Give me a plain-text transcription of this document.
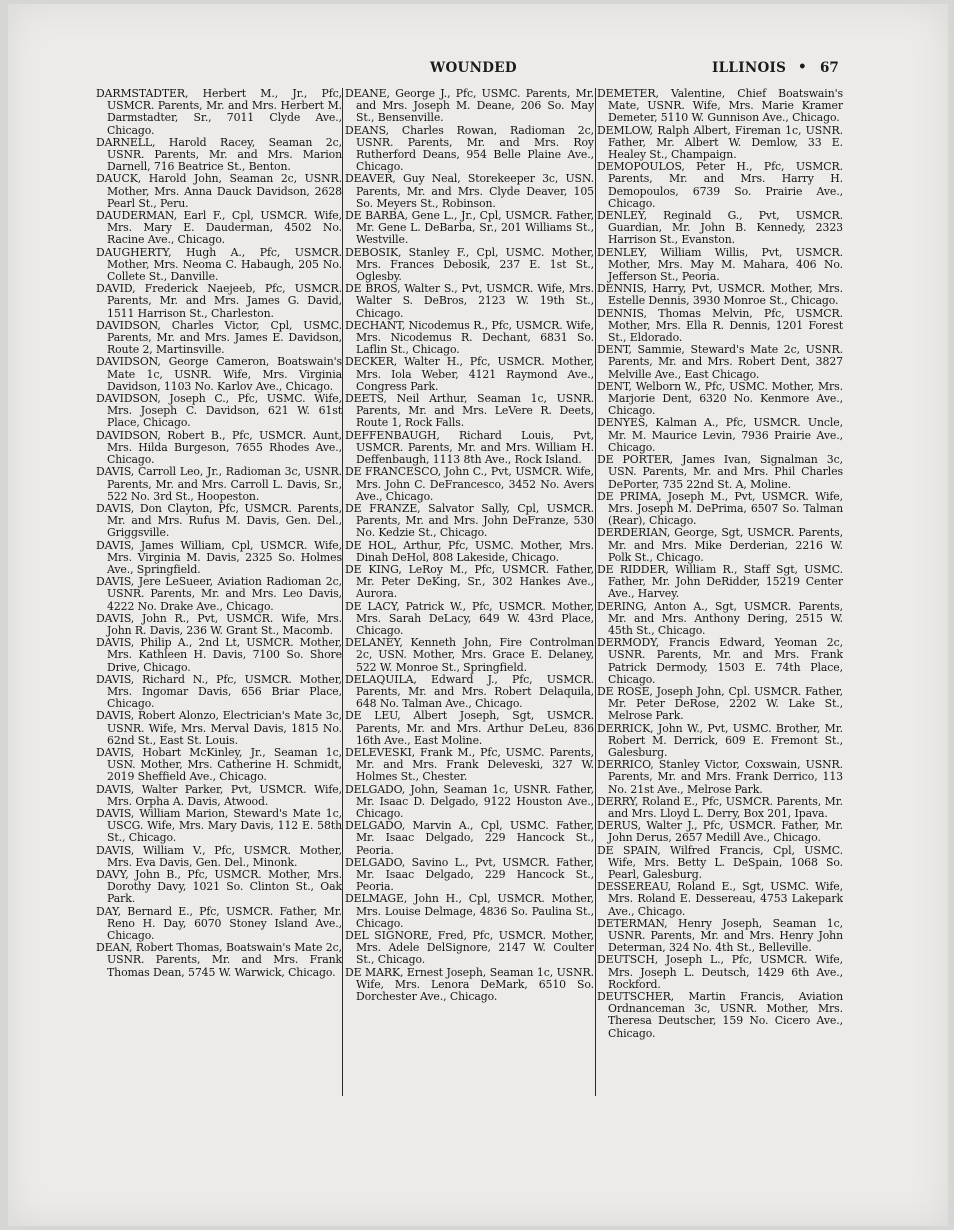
WOUNDED	ILLINOIS • 67

DARMSTADTER, Herbert M., Jr., Pfc, USMCR. Parents, Mr. and Mrs. Herbert M. Darmstadter, Sr., 7011 Clyde Ave., Chicago.

DARNELL, Harold Racey, Seaman 2c, USNR. Parents, Mr. and Mrs. Marion Darnell, 716 Beatrice St., Benton.

DAUCK, Harold John, Seaman 2c, USNR. Mother, Mrs. Anna Dauck Davidson, 2628 Pearl St., Peru.

DAUDERMAN, Earl F., Cpl, USMCR. Wife, Mrs. Mary E. Dauderman, 4502 No. Racine Ave., Chicago.

DAUGHERTY, Hugh A., Pfc, USMCR. Mother, Mrs. Neoma C. Habaugh, 205 No. Collete St., Danville.

DAVID, Frederick Naejeeb, Pfc, USMCR. Parents, Mr. and Mrs. James G. David, 1511 Harrison St., Charleston.

DAVIDSON, Charles Victor, Cpl, USMC. Parents, Mr. and Mrs. James E. Davidson, Route 2, Martinsville.

DAVIDSON, George Cameron, Boatswain's Mate 1c, USNR. Wife, Mrs. Virginia Davidson, 1103 No. Karlov Ave., Chicago.

DAVIDSON, Joseph C., Pfc, USMC. Wife, Mrs. Joseph C. Davidson, 621 W. 61st Place, Chicago.

DAVIDSON, Robert B., Pfc, USMCR. Aunt, Mrs. Hilda Burgeson, 7655 Rhodes Ave., Chicago.

DAVIS, Carroll Leo, Jr., Radioman 3c, USNR. Parents, Mr. and Mrs. Carroll L. Davis, Sr., 522 No. 3rd St., Hoopeston.

DAVIS, Don Clayton, Pfc, USMCR. Parents, Mr. and Mrs. Rufus M. Davis, Gen. Del., Griggsville.

DAVIS, James William, Cpl, USMCR. Wife, Mrs. Virginia M. Davis, 2325 So. Holmes Ave., Springfield.

DAVIS, Jere LeSueer, Aviation Radioman 2c, USNR. Parents, Mr. and Mrs. Leo Davis, 4222 No. Drake Ave., Chicago.

DAVIS, John R., Pvt, USMCR. Wife, Mrs. John R. Davis, 236 W. Grant St., Macomb.

DAVIS, Philip A., 2nd Lt, USMCR. Mother, Mrs. Kathleen H. Davis, 7100 So. Shore Drive, Chicago.

DAVIS, Richard N., Pfc, USMCR. Mother, Mrs. Ingomar Davis, 656 Briar Place, Chicago.

DAVIS, Robert Alonzo, Electrician's Mate 3c, USNR. Wife, Mrs. Merval Davis, 1815 No. 62nd St., East St. Louis.

DAVIS, Hobart McKinley, Jr., Seaman 1c, USN. Mother, Mrs. Catherine H. Schmidt, 2019 Sheffield Ave., Chicago.

DAVIS, Walter Parker, Pvt, USMCR. Wife, Mrs. Orpha A. Davis, Atwood.

DAVIS, William Marion, Steward's Mate 1c, USCG. Wife, Mrs. Mary Davis, 112 E. 58th St., Chicago.

DAVIS, William V., Pfc, USMCR. Mother, Mrs. Eva Davis, Gen. Del., Minonk.

DAVY, John B., Pfc, USMCR. Mother, Mrs. Dorothy Davy, 1021 So. Clinton St., Oak Park.

DAY, Bernard E., Pfc, USMCR. Father, Mr. Reno H. Day, 6070 Stoney Island Ave., Chicago.

DEAN, Robert Thomas, Boatswain's Mate 2c, USNR. Parents, Mr. and Mrs. Frank Thomas Dean, 5745 W. Warwick, Chicago.

DEANE, George J., Pfc, USMC. Parents, Mr. and Mrs. Joseph M. Deane, 206 So. May St., Bensenville.

DEANS, Charles Rowan, Radioman 2c, USNR. Parents, Mr. and Mrs. Roy Rutherford Deans, 954 Belle Plaine Ave., Chicago.

DEAVER, Guy Neal, Storekeeper 3c, USN. Parents, Mr. and Mrs. Clyde Deaver, 105 So. Meyers St., Robinson.

DE BARBA, Gene L., Jr., Cpl, USMCR. Father, Mr. Gene L. DeBarba, Sr., 201 Williams St., Westville.

DEBOSIK, Stanley F., Cpl, USMC. Mother, Mrs. Frances Debosik, 237 E. 1st St., Oglesby.

DE BROS, Walter S., Pvt, USMCR. Wife, Mrs. Walter S. DeBros, 2123 W. 19th St., Chicago.

DECHANT, Nicodemus R., Pfc, USMCR. Wife, Mrs. Nicodemus R. Dechant, 6831 So. Laflin St., Chicago.

DECKER, Walter H., Pfc, USMCR. Mother, Mrs. Iola Weber, 4121 Raymond Ave., Congress Park.

DEETS, Neil Arthur, Seaman 1c, USNR. Parents, Mr. and Mrs. LeVere R. Deets, Route 1, Rock Falls.

DEFFENBAUGH, Richard Louis, Pvt, USMCR. Parents, Mr. and Mrs. William H. Deffenbaugh, 1113 8th Ave., Rock Island.

DE FRANCESCO, John C., Pvt, USMCR. Wife, Mrs. John C. DeFrancesco, 3452 No. Avers Ave., Chicago.

DE FRANZE, Salvator Sally, Cpl, USMCR. Parents, Mr. and Mrs. John DeFranze, 530 No. Kedzie St., Chicago.

DE HOL, Arthur, Pfc, USMC. Mother, Mrs. Dinah DeHol, 808 Lakeside, Chicago.

DE KING, LeRoy M., Pfc, USMCR. Father, Mr. Peter DeKing, Sr., 302 Hankes Ave., Aurora.

DE LACY, Patrick W., Pfc, USMCR. Mother, Mrs. Sarah DeLacy, 649 W. 43rd Place, Chicago.

DELANEY, Kenneth John, Fire Controlman 2c, USN. Mother, Mrs. Grace E. Delaney, 522 W. Monroe St., Springfield.

DELAQUILA, Edward J., Pfc, USMCR. Parents, Mr. and Mrs. Robert Delaquila, 648 No. Talman Ave., Chicago.

DE LEU, Albert Joseph, Sgt, USMCR. Parents, Mr. and Mrs. Arthur DeLeu, 836 16th Ave., East Moline.

DELEVESKI, Frank M., Pfc, USMC. Parents, Mr. and Mrs. Frank Deleveski, 327 W. Holmes St., Chester.

DELGADO, John, Seaman 1c, USNR. Father, Mr. Isaac D. Delgado, 9122 Houston Ave., Chicago.

DELGADO, Marvin A., Cpl, USMC. Father, Mr. Isaac Delgado, 229 Hancock St., Peoria.

DELGADO, Savino L., Pvt, USMCR. Father, Mr. Isaac Delgado, 229 Hancock St., Peoria.

DELMAGE, John H., Cpl, USMCR. Mother, Mrs. Louise Delmage, 4836 So. Paulina St., Chicago.

DEL SIGNORE, Fred, Pfc, USMCR. Mother, Mrs. Adele DelSignore, 2147 W. Coulter St., Chicago.

DE MARK, Ernest Joseph, Seaman 1c, USNR. Wife, Mrs. Lenora DeMark, 6510 So. Dorchester Ave., Chicago.

DEMETER, Valentine, Chief Boatswain's Mate, USNR. Wife, Mrs. Marie Kramer Demeter, 5110 W. Gunnison Ave., Chicago.

DEMLOW, Ralph Albert, Fireman 1c, USNR. Father, Mr. Albert W. Demlow, 33 E. Healey St., Champaign.

DEMOPOULOS, Peter H., Pfc, USMCR. Parents, Mr. and Mrs. Harry H. Demopoulos, 6739 So. Prairie Ave., Chicago.

DENLEY, Reginald G., Pvt, USMCR. Guardian, Mr. John B. Kennedy, 2323 Harrison St., Evanston.

DENLEY, William Willis, Pvt, USMCR. Mother, Mrs. May M. Mahara, 406 No. Jefferson St., Peoria.

DENNIS, Harry, Pvt, USMCR. Mother, Mrs. Estelle Dennis, 3930 Monroe St., Chicago.

DENNIS, Thomas Melvin, Pfc, USMCR. Mother, Mrs. Ella R. Dennis, 1201 Forest St., Eldorado.

DENT, Sammie, Steward's Mate 2c, USNR. Parents, Mr. and Mrs. Robert Dent, 3827 Melville Ave., East Chicago.

DENT, Welborn W., Pfc, USMC. Mother, Mrs. Marjorie Dent, 6320 No. Kenmore Ave., Chicago.

DENYES, Kalman A., Pfc, USMCR. Uncle, Mr. M. Maurice Levin, 7936 Prairie Ave., Chicago.

DE PORTER, James Ivan, Signalman 3c, USN. Parents, Mr. and Mrs. Phil Charles DePorter, 735 22nd St. A, Moline.

DE PRIMA, Joseph M., Pvt, USMCR. Wife, Mrs. Joseph M. DePrima, 6507 So. Talman (Rear), Chicago.

DERDERIAN, George, Sgt, USMCR. Parents, Mr. and Mrs. Mike Derderian, 2216 W. Polk St., Chicago.

DE RIDDER, William R., Staff Sgt, USMC. Father, Mr. John DeRidder, 15219 Center Ave., Harvey.

DERING, Anton A., Sgt, USMCR. Parents, Mr. and Mrs. Anthony Dering, 2515 W. 45th St., Chicago.

DERMODY, Francis Edward, Yeoman 2c, USNR. Parents, Mr. and Mrs. Frank Patrick Dermody, 1503 E. 74th Place, Chicago.

DE ROSE, Joseph John, Cpl. USMCR. Father, Mr. Peter DeRose, 2202 W. Lake St., Melrose Park.

DERRICK, John W., Pvt, USMC. Brother, Mr. Robert M. Derrick, 609 E. Fremont St., Galesburg.

DERRICO, Stanley Victor, Coxswain, USNR. Parents, Mr. and Mrs. Frank Derrico, 113 No. 21st Ave., Melrose Park.

DERRY, Roland E., Pfc, USMCR. Parents, Mr. and Mrs. Lloyd L. Derry, Box 201, Ipava.

DERUS, Walter J., Pfc, USMCR. Father, Mr. John Derus, 2657 Medill Ave., Chicago.

DE SPAIN, Wilfred Francis, Cpl, USMC. Wife, Mrs. Betty L. DeSpain, 1068 So. Pearl, Galesburg.

DESSEREAU, Roland E., Sgt, USMC. Wife, Mrs. Roland E. Dessereau, 4753 Lakepark Ave., Chicago.

DETERMAN, Henry Joseph, Seaman 1c, USNR. Parents, Mr. and Mrs. Henry John Determan, 324 No. 4th St., Belleville.

DEUTSCH, Joseph L., Pfc, USMCR. Wife, Mrs. Joseph L. Deutsch, 1429 6th Ave., Rockford.

DEUTSCHER, Martin Francis, Aviation Ordnanceman 3c, USNR. Mother, Mrs. Theresa Deutscher, 159 No. Cicero Ave., Chicago.
